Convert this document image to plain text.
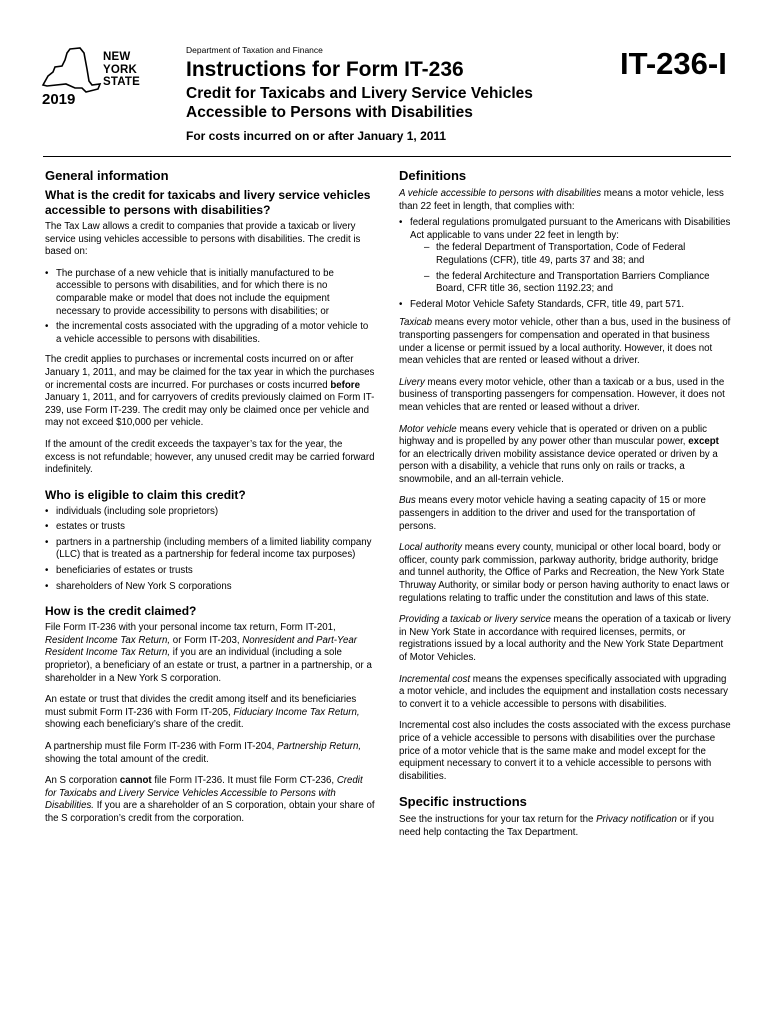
NEW
YORK
STATE
2019
Department of Taxation and Finance
Instructions for Form IT-236
Credit for Taxicabs and Livery Service Vehicles
Accessible to Persons with Disabilities
For costs incurred on or after January 1, 2011
IT-236-I
General information
What is the credit for taxicabs and livery service vehicles accessible to persons with disabilities?

The Tax Law allows a credit to companies that provide a taxicab or livery service using vehicles accessible to persons with disabilities. The credit is based on:

• The purchase of a new vehicle that is initially manufactured to be accessible to persons with disabilities, and for which there is no comparable make or model that does not include the equipment necessary to provide accessibility to persons with disabilities; or
• the incremental costs associated with the upgrading of a motor vehicle to a vehicle accessible to persons with disabilities.

The credit applies to purchases or incremental costs incurred on or after January 1, 2011, and may be claimed for the tax year in which the purchases or incremental costs are incurred. For purchases or costs incurred before January 1, 2011, and for carryovers of credits previously claimed on Form IT-239, use Form IT-239. The credit may only be claimed once per vehicle and may not exceed $10,000 per vehicle.

If the amount of the credit exceeds the taxpayer’s tax for the year, the excess is not refundable; however, any unused credit may be carried forward indefinitely.

Who is eligible to claim this credit?
• individuals (including sole proprietors)
• estates or trusts
• partners in a partnership (including members of a limited liability company (LLC) that is treated as a partnership for federal income tax purposes)
• beneficiaries of estates or trusts
• shareholders of New York S corporations
How is the credit claimed?

File Form IT-236 with your personal income tax return, Form IT-201, Resident Income Tax Return, or Form IT-203, Nonresident and Part-Year Resident Income Tax Return, if you are an individual (including a sole proprietor), a beneficiary of an estate or trust, a partner in a partnership, or a shareholder in a New York S corporation.

An estate or trust that divides the credit among itself and its beneficiaries must submit Form IT-236 with Form IT-205, Fiduciary Income Tax Return, showing each beneficiary’s share of the credit.

A partnership must file Form IT-236 with Form IT-204, Partnership Return, showing the total amount of the credit.

An S corporation cannot file Form IT-236. It must file Form CT-236, Credit for Taxicabs and Livery Service Vehicles Accessible to Persons with Disabilities. If you are a shareholder of an S corporation, obtain your share of the S corporation’s credit from the corporation.

Definitions

A vehicle accessible to persons with disabilities means a motor vehicle, less than 22 feet in length, that complies with:

• federal regulations promulgated pursuant to the Americans with Disabilities Act applicable to vans under 22 feet in length by:
– the federal Department of Transportation, Code of Federal Regulations (CFR), title 49, parts 37 and 38; and
– the federal Architecture and Transportation Barriers Compliance Board, CFR title 36, section 1192.23; and
• Federal Motor Vehicle Safety Standards, CFR, title 49, part 571.

Taxicab means every motor vehicle, other than a bus, used in the business of transporting passengers for compensation and operated in that business under a license or permit issued by a local authority. However, it does not mean vehicles that are rented or leased without a driver.

Livery means every motor vehicle, other than a taxicab or a bus, used in the business of transporting passengers for compensation. However, it does not mean vehicles that are rented or leased without a driver.

Motor vehicle means every vehicle that is operated or driven on a public highway and is propelled by any power other than muscular power, except for an electrically driven mobility assistance device operated or driven by a person with a disability, a vehicle that runs only on rails or tracks, a snowmobile, and an all-terrain vehicle.

Bus means every motor vehicle having a seating capacity of 15 or more passengers in addition to the driver and used for the transportation of persons.

Local authority means every county, municipal or other local board, body or officer, county park commission, parkway authority, bridge authority, bridge and tunnel authority, the Office of Parks and Recreation, the New York State Thruway Authority, or similar body or person having authority to enact laws or regulations relating to traffic under the constitution and laws of this state.

Providing a taxicab or livery service means the operation of a taxicab or livery in New York State in accordance with required licenses, permits, or registrations issued by a local authority and the New York State Department of Motor Vehicles.

Incremental cost means the expenses specifically associated with upgrading a motor vehicle, and includes the equipment and installation costs necessary to convert it to a vehicle accessible to persons with disabilities.

Incremental cost also includes the costs associated with the excess purchase price of a vehicle accessible to persons with disabilities over the purchase price of a motor vehicle that is the same make and model except for the equipment necessary to convert it to a vehicle accessible to persons with disabilities.

Specific instructions

See the instructions for your tax return for the Privacy notification or if you need help contacting the Tax Department.
